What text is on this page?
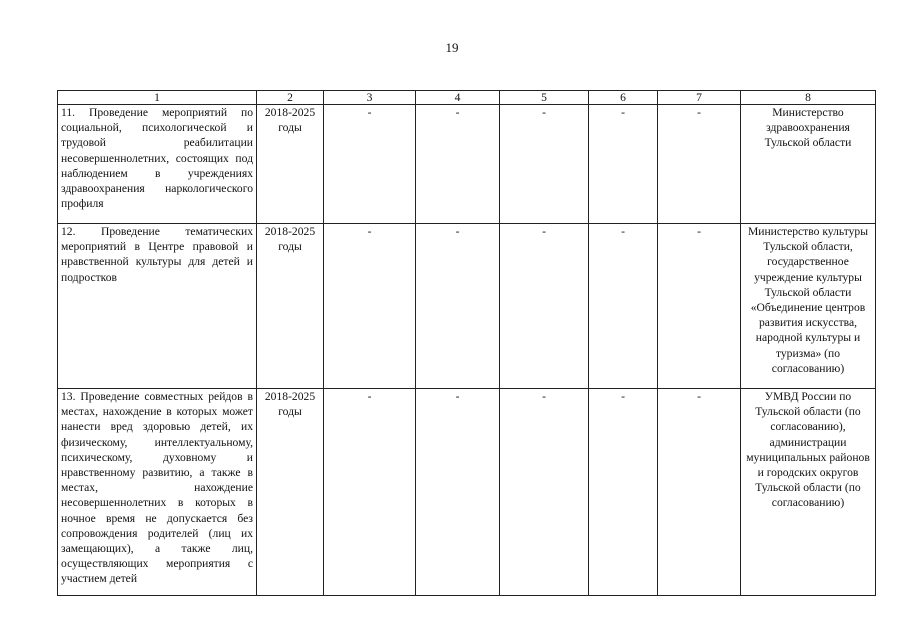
19
1	2	3	4	5	6	7	8
11. Проведение мероприятий по социальной, психологической и трудовой реабилитации несовершеннолетних, состоящих под наблюдением в учреждениях здравоохранения наркологического профиля	2018-2025 годы	-	-	-	-	-	Министерство здравоохранения Тульской области
12. Проведение тематических мероприятий в Центре правовой и нравственной культуры для детей и подростков	2018-2025 годы	-	-	-	-	-	Министерство культуры Тульской области, государственное учреждение культуры Тульской области «Объединение центров развития искусства, народной культуры и туризма» (по согласованию)
13. Проведение совместных рейдов в местах, нахождение в которых может нанести вред здоровью детей, их физическому, интеллектуальному, психическому, духовному и нравственному развитию, а также в местах, нахождение несовершеннолетних в которых в ночное время не допускается без сопровождения родителей (лиц их замещающих), а также лиц, осуществляющих мероприятия с участием детей	2018-2025 годы	-	-	-	-	-	УМВД России по Тульской области (по согласованию), администрации муниципальных районов и городских округов Тульской области (по согласованию)
